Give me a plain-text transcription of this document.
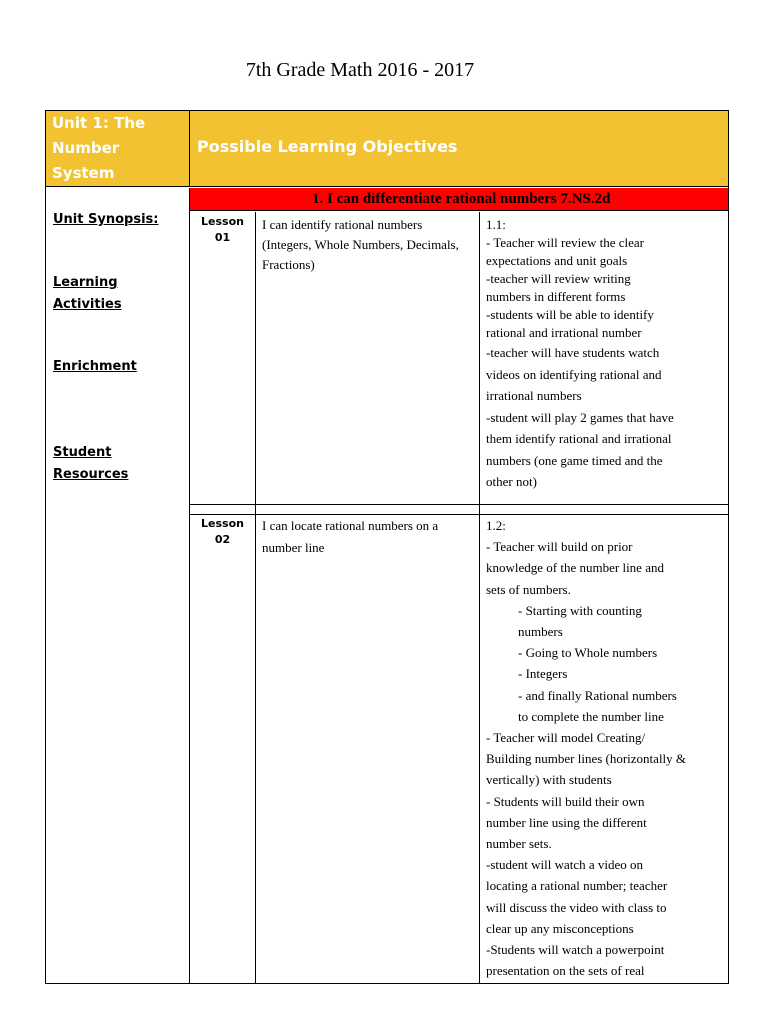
7th Grade Math 2016 - 2017
Unit 1: The
Number
System
Possible Learning Objectives
Unit Synopsis:
Learning
Activities
Enrichment
Student
Resources
1. I can differentiate rational numbers 7.NS.2d
Lesson
01
I can identify rational numbers (Integers, Whole Numbers, Decimals, Fractions)
1.1:
- Teacher will review the clear
expectations and unit goals
-teacher will review writing
numbers in different forms
-students will be able to identify
rational and irrational number
-teacher will have students watch
videos on identifying rational and
irrational numbers
-student will play 2 games that have
them identify rational and irrational
numbers (one game timed and the
other not)
Lesson
02
I can locate rational numbers on a number line
1.2:
- Teacher will build on prior
knowledge of the number line and
sets of numbers.
- Starting with counting
numbers
- Going to Whole numbers
- Integers
- and finally Rational numbers
to complete the number line
- Teacher will model Creating/
Building number lines (horizontally &
vertically) with students
- Students will build their own
number line using the different
number sets.
-student will watch a video on
locating a rational number; teacher
will discuss the video with class to
clear up any misconceptions
-Students will watch a powerpoint
presentation on the sets of real
